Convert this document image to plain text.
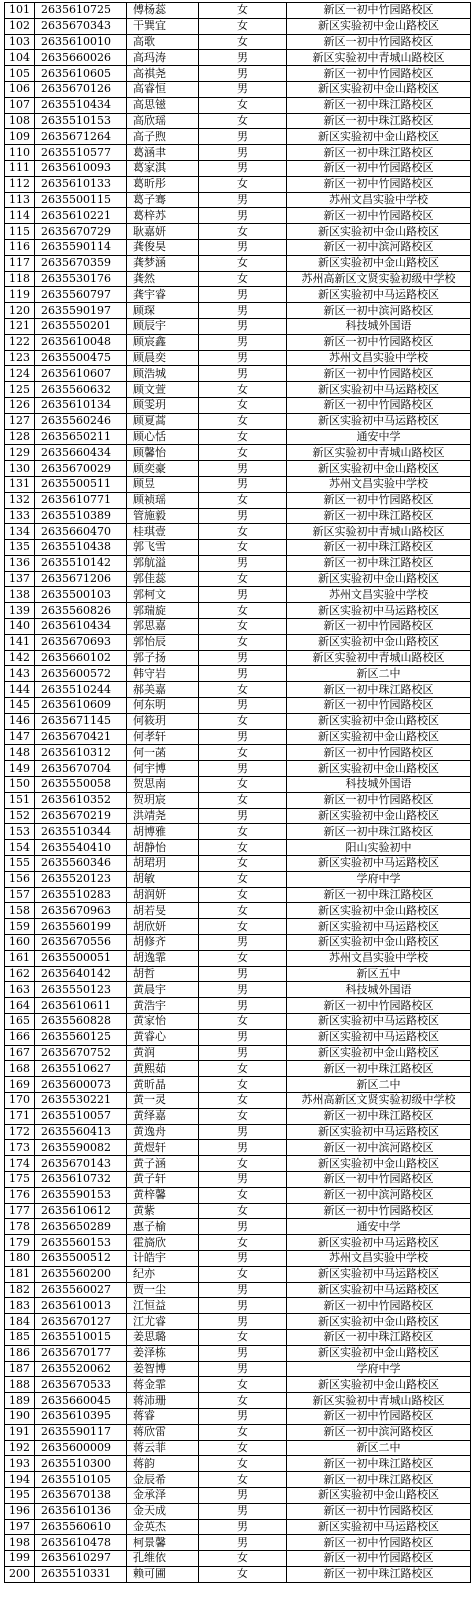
101	2635610725	傅杨蕊	女	新区一初中竹园路校区
102	2635670343	干巽宜	女	新区实验初中金山路校区
103	2635610010	高歌	女	新区一初中竹园路校区
104	2635660026	高玛涛	男	新区实验初中青城山路校区
105	2635610605	高祺尧	男	新区一初中竹园路校区
106	2635670126	高睿恒	男	新区实验初中金山路校区
107	2635510434	高思镃	女	新区一初中珠江路校区
108	2635510153	高欣瑶	女	新区一初中珠江路校区
109	2635671264	高子煦	男	新区实验初中金山路校区
110	2635510577	葛涵聿	男	新区一初中珠江路校区
111	2635610093	葛家淇	男	新区一初中竹园路校区
112	2635610133	葛昕彤	女	新区一初中竹园路校区
113	2635500115	葛子骞	男	苏州文昌实验中学校
114	2635610221	葛梓苏	男	新区一初中竹园路校区
115	2635670729	耿嘉妍	女	新区实验初中金山路校区
116	2635590114	龚俊昊	男	新区一初中滨河路校区
117	2635670359	龚梦涵	女	新区实验初中金山路校区
118	2635530176	龚然	女	苏州高新区文贤实验初级中学校
119	2635560797	龚宇睿	男	新区实验初中马运路校区
120	2635590197	顾琛	男	新区一初中滨河路校区
121	2635550201	顾辰宇	男	科技城外国语
122	2635610048	顾宸鑫	男	新区一初中竹园路校区
123	2635500475	顾晨奕	男	苏州文昌实验中学校
124	2635610607	顾浩城	男	新区一初中竹园路校区
125	2635560632	顾文萱	女	新区实验初中马运路校区
126	2635610134	顾雯玥	女	新区一初中竹园路校区
127	2635560246	顾夏蒿	女	新区实验初中马运路校区
128	2635650211	顾心恬	女	通安中学
129	2635660434	顾馨怡	女	新区实验初中青城山路校区
130	2635670029	顾奕豪	男	新区实验初中金山路校区
131	2635500511	顾昱	男	苏州文昌实验中学校
132	2635610771	顾祯瑶	女	新区一初中竹园路校区
133	2635510389	管施毅	男	新区一初中珠江路校区
134	2635660470	桂琪壹	女	新区实验初中青城山路校区
135	2635510438	郭飞雪	女	新区一初中珠江路校区
136	2635510142	郭航溢	男	新区一初中珠江路校区
137	2635671206	郭佳蕊	女	新区实验初中金山路校区
138	2635500103	郭柯文	男	苏州文昌实验中学校
139	2635560826	郭瑞旋	女	新区实验初中马运路校区
140	2635610434	郭思嘉	女	新区一初中竹园路校区
141	2635670693	郭怡辰	女	新区实验初中金山路校区
142	2635660102	郭子扬	男	新区实验初中青城山路校区
143	2635600572	韩守岩	男	新区二中
144	2635510244	郝美嘉	女	新区一初中珠江路校区
145	2635610609	何东明	男	新区一初中竹园路校区
146	2635671145	何筱玥	女	新区实验初中金山路校区
147	2635670421	何孝轩	男	新区实验初中金山路校区
148	2635610312	何一菡	女	新区一初中竹园路校区
149	2635670704	何宇博	男	新区实验初中金山路校区
150	2635550058	贺思南	女	科技城外国语
151	2635610352	贺玥宸	女	新区一初中竹园路校区
152	2635670219	洪靖尧	男	新区实验初中金山路校区
153	2635510344	胡博雅	女	新区一初中珠江路校区
154	2635540410	胡静怡	女	阳山实验初中
155	2635560346	胡珺玥	女	新区实验初中马运路校区
156	2635520123	胡敏	女	学府中学
157	2635510283	胡润妍	女	新区一初中珠江路校区
158	2635670963	胡若旻	女	新区实验初中金山路校区
159	2635560199	胡欣妍	女	新区实验初中马运路校区
160	2635670556	胡修齐	男	新区实验初中金山路校区
161	2635500051	胡逸霏	女	苏州文昌实验中学校
162	2635640142	胡哲	男	新区五中
163	2635550123	黄晨宇	男	科技城外国语
164	2635610611	黄浩宇	男	新区一初中竹园路校区
165	2635560828	黄家怡	女	新区实验初中马运路校区
166	2635560125	黄睿心	男	新区实验初中马运路校区
167	2635670752	黄润	男	新区实验初中金山路校区
168	2635510627	黄熙茹	女	新区一初中珠江路校区
169	2635600073	黄昕晶	女	新区二中
170	2635530221	黄一灵	女	苏州高新区文贤实验初级中学校
171	2635510057	黄绎嘉	女	新区一初中珠江路校区
172	2635560413	黄逸舟	男	新区实验初中马运路校区
173	2635590082	黄煜轩	男	新区一初中滨河路校区
174	2635670143	黄子涵	女	新区实验初中金山路校区
175	2635610732	黄子轩	男	新区一初中竹园路校区
176	2635590153	黄梓馨	女	新区一初中滨河路校区
177	2635610612	黄紫	女	新区一初中竹园路校区
178	2635650289	惠子榆	男	通安中学
179	2635560153	霍旖欣	女	新区实验初中马运路校区
180	2635500512	计皓宇	男	苏州文昌实验中学校
181	2635560200	纪亦	女	新区实验初中马运路校区
182	2635560027	贾一尘	男	新区实验初中马运路校区
183	2635610013	江恒益	男	新区一初中竹园路校区
184	2635670127	江尤睿	男	新区实验初中金山路校区
185	2635510015	姜思璐	女	新区一初中珠江路校区
186	2635670177	姜泽栋	男	新区实验初中金山路校区
187	2635520062	姜智博	男	学府中学
188	2635670533	蒋金霏	女	新区实验初中金山路校区
189	2635660045	蒋沛珊	女	新区实验初中青城山路校区
190	2635610395	蒋睿	男	新区一初中竹园路校区
191	2635590117	蒋欣雷	女	新区一初中滨河路校区
192	2635600009	蒋云菲	女	新区二中
193	2635510300	蒋韵	女	新区一初中珠江路校区
194	2635510105	金辰希	女	新区一初中珠江路校区
195	2635670138	金承泽	男	新区实验初中金山路校区
196	2635610136	金天成	男	新区一初中竹园路校区
197	2635560610	金英杰	男	新区实验初中马运路校区
198	2635610478	柯景馨	男	新区一初中竹园路校区
199	2635610297	孔维依	女	新区一初中竹园路校区
200	2635510331	赖可圃	女	新区一初中珠江路校区
